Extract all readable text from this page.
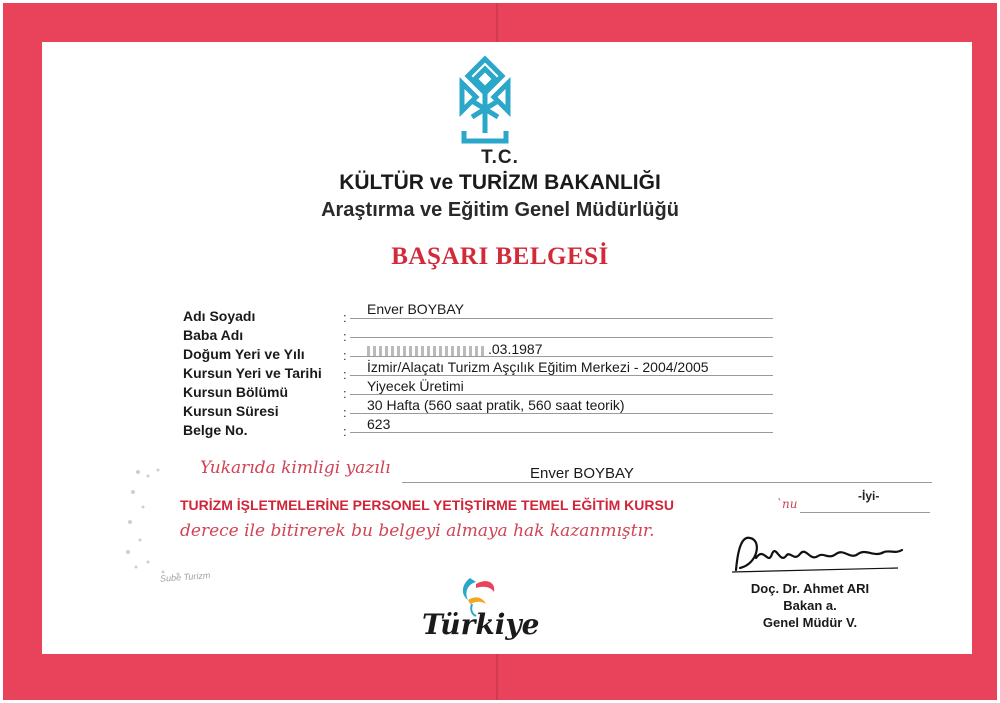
T.C.
KÜLTÜR ve TURİZM BAKANLIĞI
Araştırma ve Eğitim Genel Müdürlüğü
BAŞARI BELGESİ
Adı Soyadı
Baba Adı
Doğum Yeri ve Yılı
Kursun Yeri ve Tarihi
Kursun Bölümü
Kursun Süresi
Belge No.
:
:
:
:
:
:
:
Enver BOYBAY
.03.1987
İzmir/Alaçatı Turizm Aşçılık Eğitim Merkezi - 2004/2005
Yiyecek Üretimi
30 Hafta (560 saat pratik, 560 saat teorik)
623
Yukarıda kimligi yazılı	Enver BOYBAY
TURİZM İŞLETMELERİNE PERSONEL YETİŞTİRME TEMEL EĞİTİM KURSU	`nu
-İyi-
derece ile bitirerek bu belgeyi almaya hak kazanmıştır.
Sube Turizm
Doç. Dr. Ahmet ARI
Bakan a.
Genel Müdür V.
Türkiye
